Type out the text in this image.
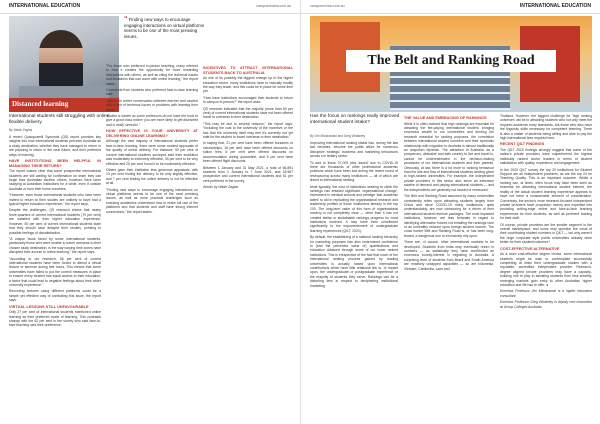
INTERNATIONAL EDUCATION	campusreview.com.au
Distanced learning
“ Finding new ways to encourage engaging interactions on virtual platforms seems to be one of the most pressing issues.
International students still struggling with online, flexible delivery.
By Wade Zaglas

A recent Quacquarelli Symonds (QS) report provides key insights into how international students perceive Australia as a study destination, whether they have managed to return or are planning to return in the near future, and their preferred ways of learning.

HAVE INSTITUTIONS BEEN HELPFUL IN MANAGING THEIR RETURN?

The report makes clear that some prospective international students are still waiting for confirmation on when they can begin their Australian studies; others, however, have been studying at Australian institutions for a while, even if outside Australia or from their home countries.

"However, even those international students who have been invited to return to their studies are unlikely to have had a typical higher education experience," the report says.

Despite the challenges, QS research shows that nearly three-quarters of current international students (70 per cent) are satisfied with their higher education experience. However, 50 per cent of current international students state that they should have delayed their studies, pointing to possible feelings of dissatisfaction.

"A unique issue faced by some international students, particularly those who were unable to travel overseas to their chosen study destination, is the way varying time zones have disrupted their access to online learning," the report says.

"According to our research, 56 per cent of current international students have been forced to attend a virtual lecture or seminar during late hours. This means that some universities have failed to put the correct measures in place to ensure every student has equal access to their education, a factor that could lead to negative feelings about their wider university experience."

Recording lectures using different platforms could be a simple yet effective way of combating this issue, the report says.

VIRTUAL LESSONS STILL UNFAVOURABLE

Only 27 per cent of international students mentioned online learning as their preferred mode of learning. This contrasts sharply with the 62 per cent in the survey who said face-to-face teaching was their preference.

"For those who preferred in-person teaching, many referred to how it creates the opportunity for more rewarding interactions with others, as well as citing the technical issues and limitations that can come with online learning," the report states.

Comments from students who preferred face-to-face learning said:

"Allows for better conversation between teacher and student with a lack of technical issues or problems with learning from home."

"Online is harder as some professors do not have the tools to give a good class online; you are more likely to get distracted and is really stressful."

HOW EFFECTIVE IS YOUR UNIVERSITY AT DELIVERING ONLINE LEARNING?

Although the vast majority of international students prefer face-to-face learning, there were some modest approvals of the quality of online delivery. For instance, 52 per cent of current international students surveyed said their institution was moderately to extremely effective, 34 per cent to be very effective and 26 per cent found it to be moderately effective.

Others gave their institution less generous appraisals, with 13 per cent finding the delivery to be only slightly effective, and 7 per cent finding the online delivery to not be effective at all.

"Finding new ways to encourage engaging interactions on virtual platforms seems to be one of the most pressing issues, as well as more practical challenges such as ensuring academics understand how to make full use of the platforms and that students and staff have strong internet connections," the report states.

INCENTIVES TO ATTRACT INTERNATIONAL STUDENTS BACK TO AUSTRALIA

As one of its possibly the biggest change up to the higher education sector, many institutions have to radically modify the way they teach, and this could be in place for some time yet.

"How have institutions encouraged their students to return to campus in-person?" the report asks.

QS research indicated that the majority (more than 60 per cent) of current international students have not been offered travel to overseas to their destination.

"This may be due to several reasons," the report says. "Including the cost to the university of the incentive or the fact that the university itself may feel it's currently not yet safe for the student to travel overseas to their destination."

In saying that, 21 per cent have been offered bursaries or scholarships, 16 per cent have been offered discounts on tuition fees, 6 per cent were offered discounts on accommodation during quarantine, and 6 per cent have been offered flight discounts.

Between 1 January and 31 May 2021, a total of 66,891 students from 1 January to 7 June 2021, and 18,987 prospective and current international students and 61 per cent preferred in the survey.

Words by Wade Zaglas

campusreview.com.au	INTERNATIONAL EDUCATION
The Belt and Ranking Road
Has the focus on rankings really improved international student intake?
By Jim Mioskowski and Greg Whateley

Improving international ranking status has, during the last two decades, become the public allure for numerous disruptive 'strategic' business and marketing behaviours across our tertiary sector.

To add to those 37,000 jobs 'saved' due to COVID-19 there are thousands of other professional academic positions which have been lost during the recent round of restructuring across many institutions — all of which are linked to international ranking.

Most typically, the cost of institutions seeking to climb the rankings has entailed significant 'organisational change', investment in medical schools and prestige 'star academic talent' to aid in replicating the organisational research and leadership profiles of those institutions already in the top 100. The long-term value of this form of organisational mimicry is not completely clear — other than it has not created stellar or sustainable rankings progress for most institutions involved. It may have even contributed significantly to the impoverishment of undergraduate learning experiences (QILT, 2020).

By default, the establishing of a national ranking hierarchy for marketing purposes has also undermined confidence in (and the perceived value of) qualifications and education obtained through some of our lower ranked institutions. This is irrespective of the fact that much of the international ranking process gained by leading universities is actually based upon international contributions which have little relational link to, or impact upon, the undergraduate or postgraduate experience of the majority of students they serve. Rankings can be a distorting lens in respect to deciphering institutional marketing.

THE VALUE AND EMBRACING OF RANKINGS

While it is often claimed that high rankings are essential for attracting the fee-paying international student, bringing enormous wealth to our universities and funding the research essential for ranking purposes, the correlation between international student numbers and their symbiotic relationship with migration to Australia is almost traditionally an unspoken dynamic. The attraction of Australia, as a prosperous, desirable and safe country to live and travel in, cannot be underestimated in the decision-making processes of our international students and their parents. Obviously, at law, there is a lot more to ranking behaviour than the bits and flow of international students landing given to high-ranked universities. For example, the independent private providers in this sector also serve an extensive swathe of demand and paying international students — and the independents are generally not ranked or measured.

The Belt and Ranking Road assumed by many universities consistently relies upon attracting students largely from China and since COVID-19 many institutions, quite understandably, are now clamouring for a return of their international student revenue packages. The most impacted institutions, however, are less fortunate in regard to identifying alternative futures not entailing the rankings race or an unhealthy reliance upon foreign student income. The cross border Belt and Ranking Road is, or has been long-feared, a dangerous one to exclusively rely upon.

There are, of course, other international markets to be developed. Students from India may eventually return in numbers — as statistically they have contributed an enormous bounty-interest in migrating to Australia. A surprising level of students from Brazil and South America are relatively untapped capacities — so are Indonesia, Vietnam, Cambodia, Laos and

Thailand. However, the biggest challenge for 'high ranking universes' will be in attracting students who not only meet the required academic entry standards, but those who also have the linguistic skills necessary for competent learning. There is also a matter of students being willing and able to pay the high international fees required here.

RECENT QILT FINDINGS

The QILT 2020 findings strongly suggest that some of the nation's private providers have outperformed the highest nationally ranked sector leaders in terms of student satisfaction with quality, experience and engagement.

In the 2020 QILT survey the top 20 institutions for Student Support are all independent providers, as are the top 24 for Teaching Quality. This is an important outcome. Whilst a ranking can, at times, often focus may have been seen as essential for attracting international student interest, the reality of the actual student learning experience appears to have not been a considerable element of consideration. Conversely, the sector's more research-focused independent private providers have propulsion money and expertise into providing cutting-edge online and face-to-face learning experiences for their students, as well as pertinent training for their staff.

Of course, private providers are the smaller segment in the overall marketplace, and some may question the costs of their contributing student numbers in QILT — but why weren't the huge corporate style public universities actually done better for their student/customer?

COST-EFFECTIVE ALTERNATIVE

As a more cost-effective degree choice, some international students might be wise to contemplate successfully completing at least their undergraduate studies with a reputable, accredited independent provider. Research-degree aligned private providers may have a capacity-building role to play in assisting students from less wealthy, emerging markets gain entry to other Australian higher education and life has to offer. ●

Emeritus Professor Jim Mioskowski is a higher education consultant.

Emeritus Professor Greg Whateley is deputy vice-chancellor at Group Colleges Australia.
